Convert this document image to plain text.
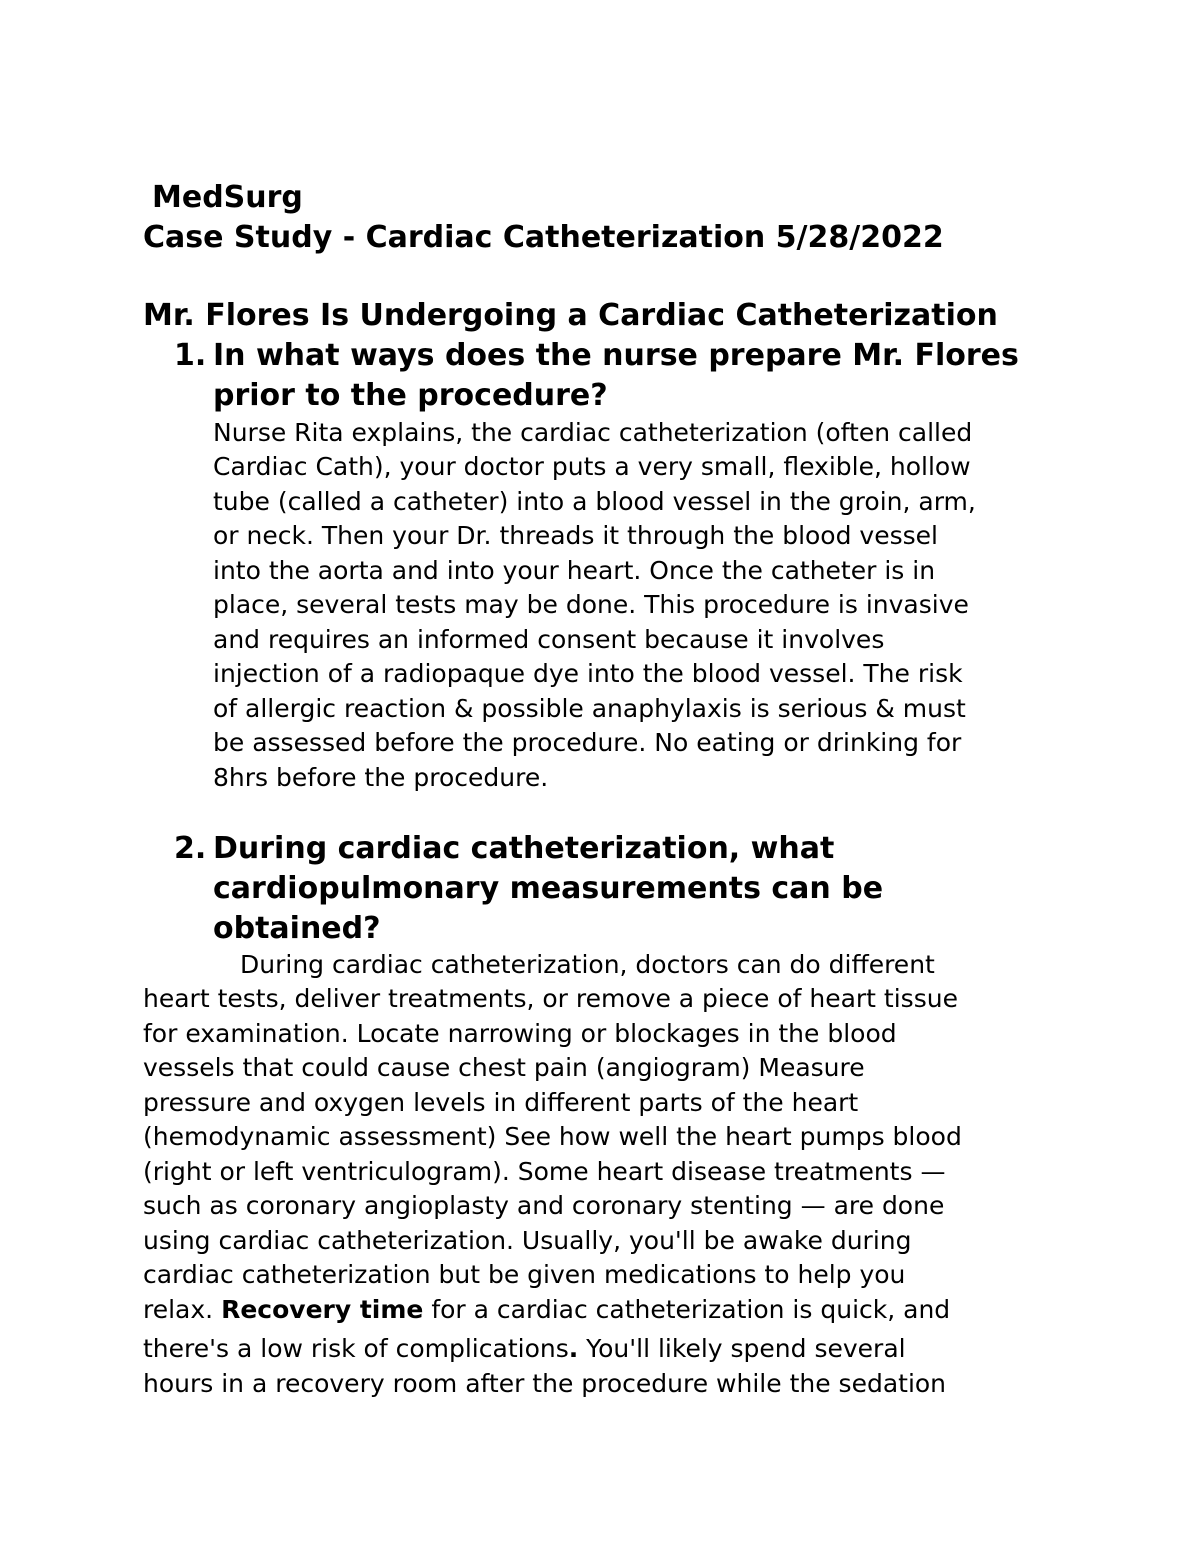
MedSurg
Case Study - Cardiac Catheterization 5/28/2022
Mr. Flores Is Undergoing a Cardiac Catheterization
1. In what ways does the nurse prepare Mr. Flores
prior to the procedure?
Nurse Rita explains, the cardiac catheterization (often called
Cardiac Cath), your doctor puts a very small, flexible, hollow
tube (called a catheter) into a blood vessel in the groin, arm,
or neck. Then your Dr. threads it through the blood vessel
into the aorta and into your heart. Once the catheter is in
place, several tests may be done. This procedure is invasive
and requires an informed consent because it involves
injection of a radiopaque dye into the blood vessel. The risk
of allergic reaction & possible anaphylaxis is serious & must
be assessed before the procedure. No eating or drinking for
8hrs before the procedure.
2. During cardiac catheterization, what
cardiopulmonary measurements can be
obtained?
During cardiac catheterization, doctors can do different
heart tests, deliver treatments, or remove a piece of heart tissue
for examination. Locate narrowing or blockages in the blood
vessels that could cause chest pain (angiogram) Measure
pressure and oxygen levels in different parts of the heart
(hemodynamic assessment) See how well the heart pumps blood
(right or left ventriculogram). Some heart disease treatments —
such as coronary angioplasty and coronary stenting — are done
using cardiac catheterization. Usually, you'll be awake during
cardiac catheterization but be given medications to help you
relax. Recovery time for a cardiac catheterization is quick, and
there's a low risk of complications. You'll likely spend several
hours in a recovery room after the procedure while the sedation
